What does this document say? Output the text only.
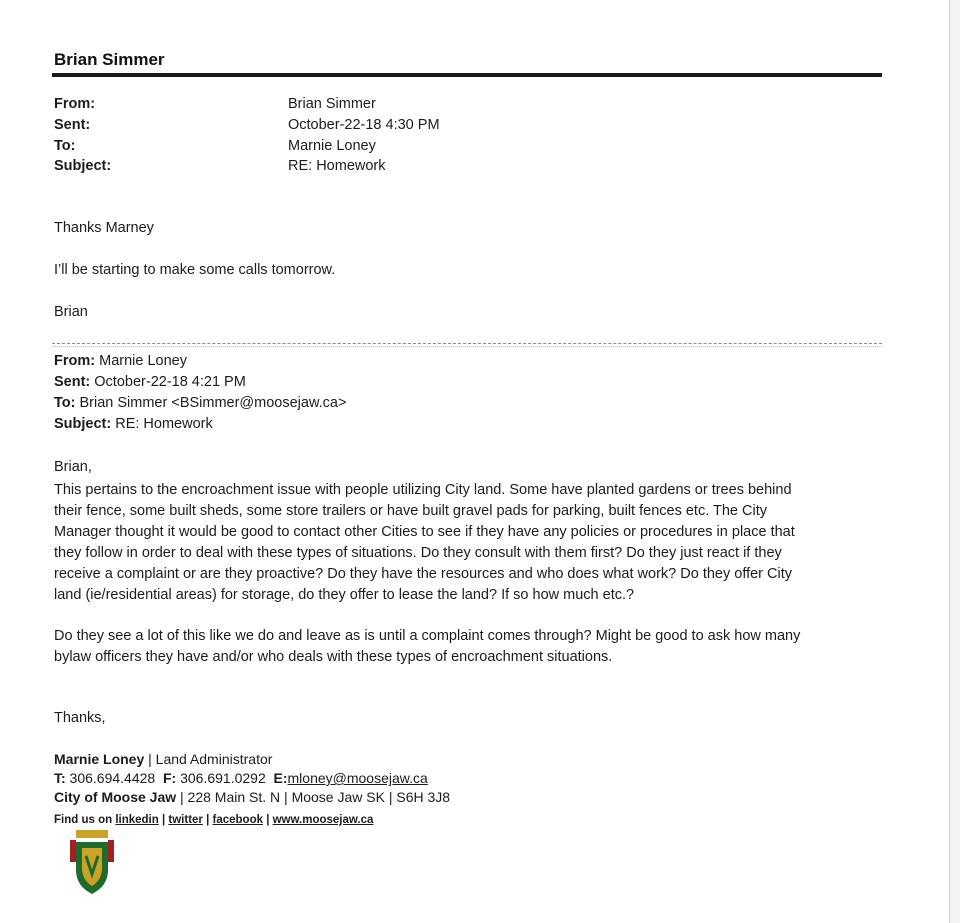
Brian Simmer
From:	Brian Simmer
Sent:	October-22-18 4:30 PM
To:	Marnie Loney
Subject:	RE: Homework
Thanks Marney
I’ll be starting to make some calls tomorrow.
Brian
From: Marnie Loney
Sent: October-22-18 4:21 PM
To: Brian Simmer <BSimmer@moosejaw.ca>
Subject: RE: Homework
Brian,
This pertains to the encroachment issue with people utilizing City land. Some have planted gardens or trees behind
their fence, some built sheds, some store trailers or have built gravel pads for parking, built fences etc. The City
Manager thought it would be good to contact other Cities to see if they have any policies or procedures in place that
they follow in order to deal with these types of situations. Do they consult with them first? Do they just react if they
receive a complaint or are they proactive? Do they have the resources and who does what work? Do they offer City
land (ie/residential areas) for storage, do they offer to lease the land? If so how much etc.?
Do they see a lot of this like we do and leave as is until a complaint comes through? Might be good to ask how many
bylaw officers they have and/or who deals with these types of encroachment situations.
Thanks,
Marnie Loney | Land Administrator
T: 306.694.4428 F: 306.691.0292 E:mloney@moosejaw.ca
City of Moose Jaw | 228 Main St. N | Moose Jaw SK | S6H 3J8
Find us on linkedin | twitter | facebook | www.moosejaw.ca
